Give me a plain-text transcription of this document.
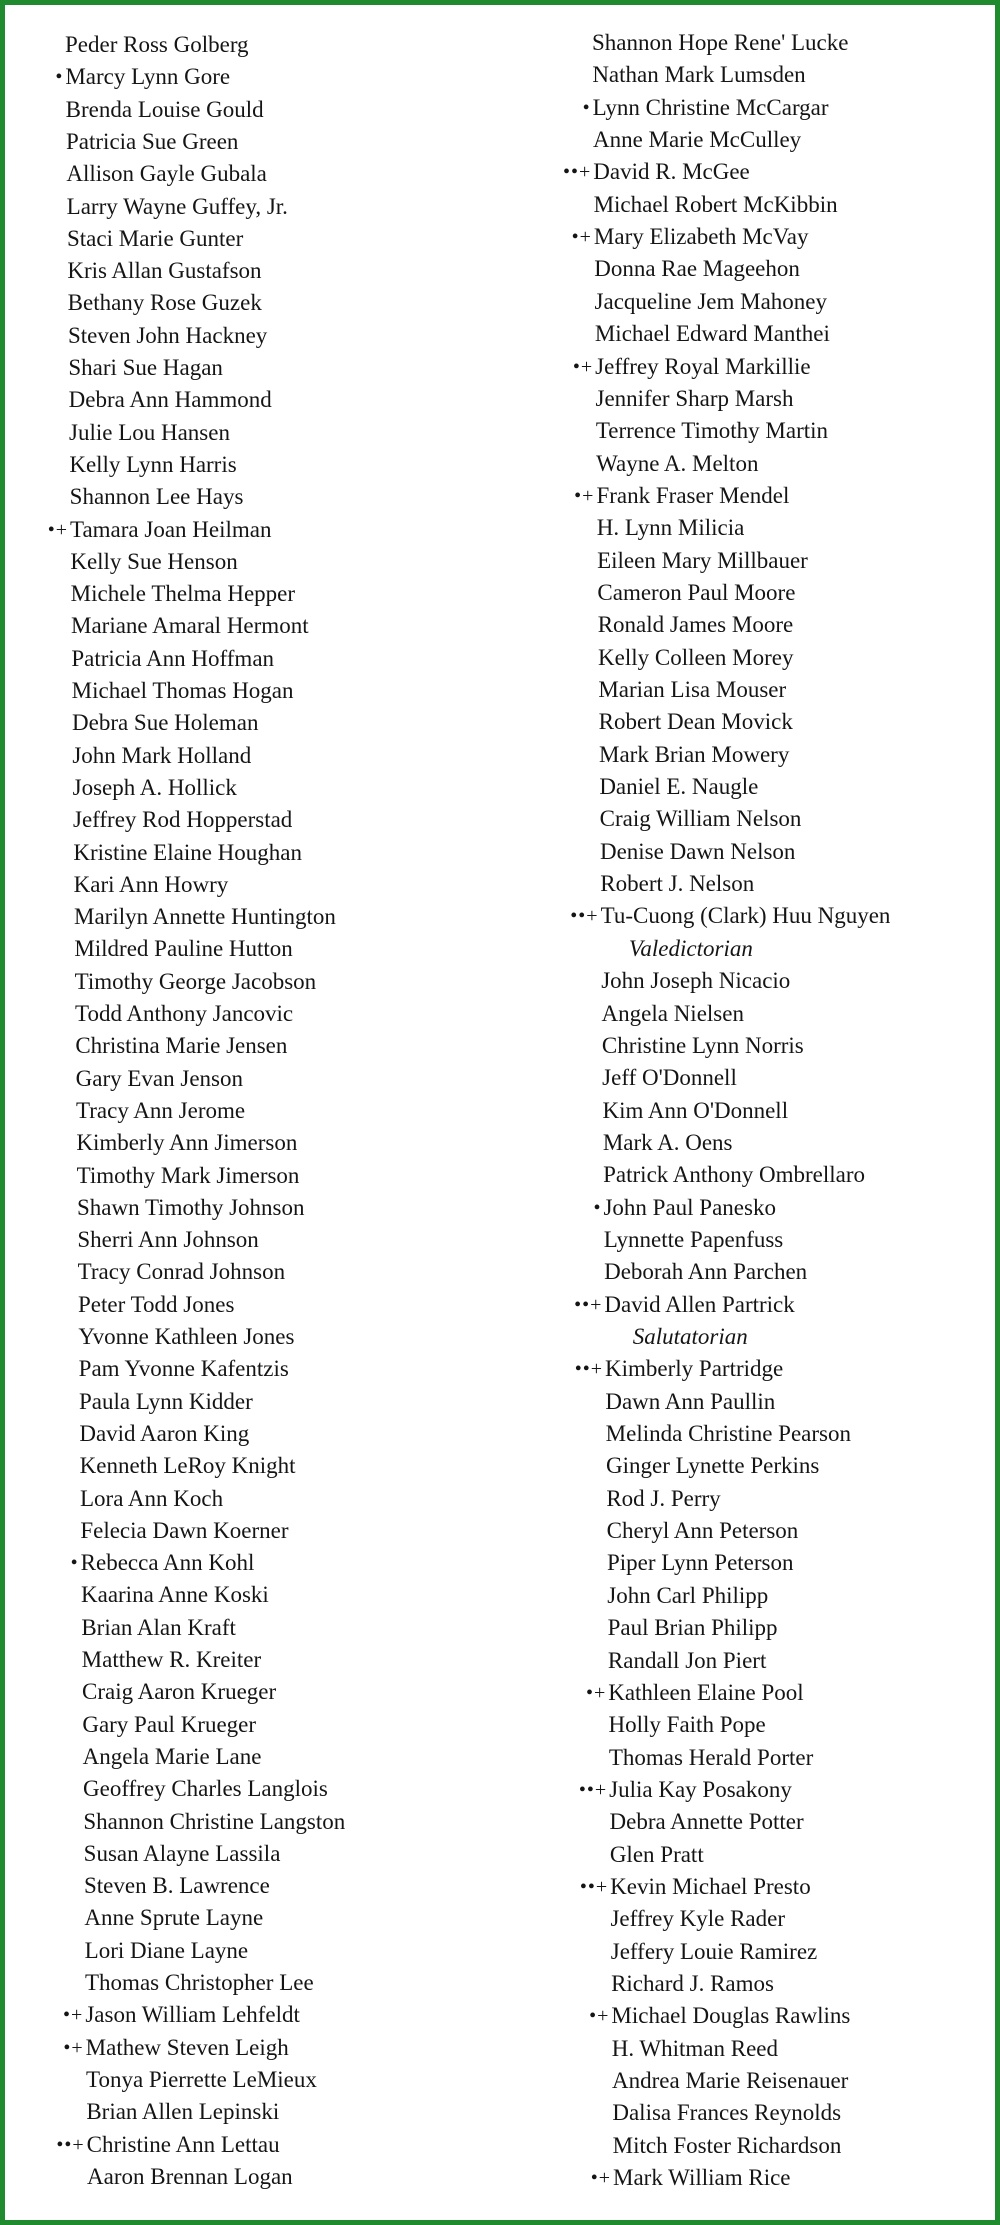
Peder Ross Golberg
• Marcy Lynn Gore
Brenda Louise Gould
Patricia Sue Green
Allison Gayle Gubala
Larry Wayne Guffey, Jr.
Staci Marie Gunter
Kris Allan Gustafson
Bethany Rose Guzek
Steven John Hackney
Shari Sue Hagan
Debra Ann Hammond
Julie Lou Hansen
Kelly Lynn Harris
Shannon Lee Hays
•+ Tamara Joan Heilman
Kelly Sue Henson
Michele Thelma Hepper
Mariane Amaral Hermont
Patricia Ann Hoffman
Michael Thomas Hogan
Debra Sue Holeman
John Mark Holland
Joseph A. Hollick
Jeffrey Rod Hopperstad
Kristine Elaine Houghan
Kari Ann Howry
Marilyn Annette Huntington
Mildred Pauline Hutton
Timothy George Jacobson
Todd Anthony Jancovic
Christina Marie Jensen
Gary Evan Jenson
Tracy Ann Jerome
Kimberly Ann Jimerson
Timothy Mark Jimerson
Shawn Timothy Johnson
Sherri Ann Johnson
Tracy Conrad Johnson
Peter Todd Jones
Yvonne Kathleen Jones
Pam Yvonne Kafentzis
Paula Lynn Kidder
David Aaron King
Kenneth LeRoy Knight
Lora Ann Koch
Felecia Dawn Koerner
• Rebecca Ann Kohl
Kaarina Anne Koski
Brian Alan Kraft
Matthew R. Kreiter
Craig Aaron Krueger
Gary Paul Krueger
Angela Marie Lane
Geoffrey Charles Langlois
Shannon Christine Langston
Susan Alayne Lassila
Steven B. Lawrence
Anne Sprute Layne
Lori Diane Layne
Thomas Christopher Lee
•+ Jason William Lehfeldt
•+ Mathew Steven Leigh
Tonya Pierrette LeMieux
Brian Allen Lepinski
••+ Christine Ann Lettau
Aaron Brennan Logan
Shannon Hope Rene' Lucke
Nathan Mark Lumsden
• Lynn Christine McCargar
Anne Marie McCulley
••+ David R. McGee
Michael Robert McKibbin
•+ Mary Elizabeth McVay
Donna Rae Mageehon
Jacqueline Jem Mahoney
Michael Edward Manthei
•+ Jeffrey Royal Markillie
Jennifer Sharp Marsh
Terrence Timothy Martin
Wayne A. Melton
•+ Frank Fraser Mendel
H. Lynn Milicia
Eileen Mary Millbauer
Cameron Paul Moore
Ronald James Moore
Kelly Colleen Morey
Marian Lisa Mouser
Robert Dean Movick
Mark Brian Mowery
Daniel E. Naugle
Craig William Nelson
Denise Dawn Nelson
Robert J. Nelson
••+ Tu-Cuong (Clark) Huu Nguyen
Valedictorian
John Joseph Nicacio
Angela Nielsen
Christine Lynn Norris
Jeff O'Donnell
Kim Ann O'Donnell
Mark A. Oens
Patrick Anthony Ombrellaro
• John Paul Panesko
Lynnette Papenfuss
Deborah Ann Parchen
••+ David Allen Partrick
Salutatorian
••+ Kimberly Partridge
Dawn Ann Paullin
Melinda Christine Pearson
Ginger Lynette Perkins
Rod J. Perry
Cheryl Ann Peterson
Piper Lynn Peterson
John Carl Philipp
Paul Brian Philipp
Randall Jon Piert
•+ Kathleen Elaine Pool
Holly Faith Pope
Thomas Herald Porter
••+ Julia Kay Posakony
Debra Annette Potter
Glen Pratt
••+ Kevin Michael Presto
Jeffrey Kyle Rader
Jeffery Louie Ramirez
Richard J. Ramos
•+ Michael Douglas Rawlins
H. Whitman Reed
Andrea Marie Reisenauer
Dalisa Frances Reynolds
Mitch Foster Richardson
•+ Mark William Rice
